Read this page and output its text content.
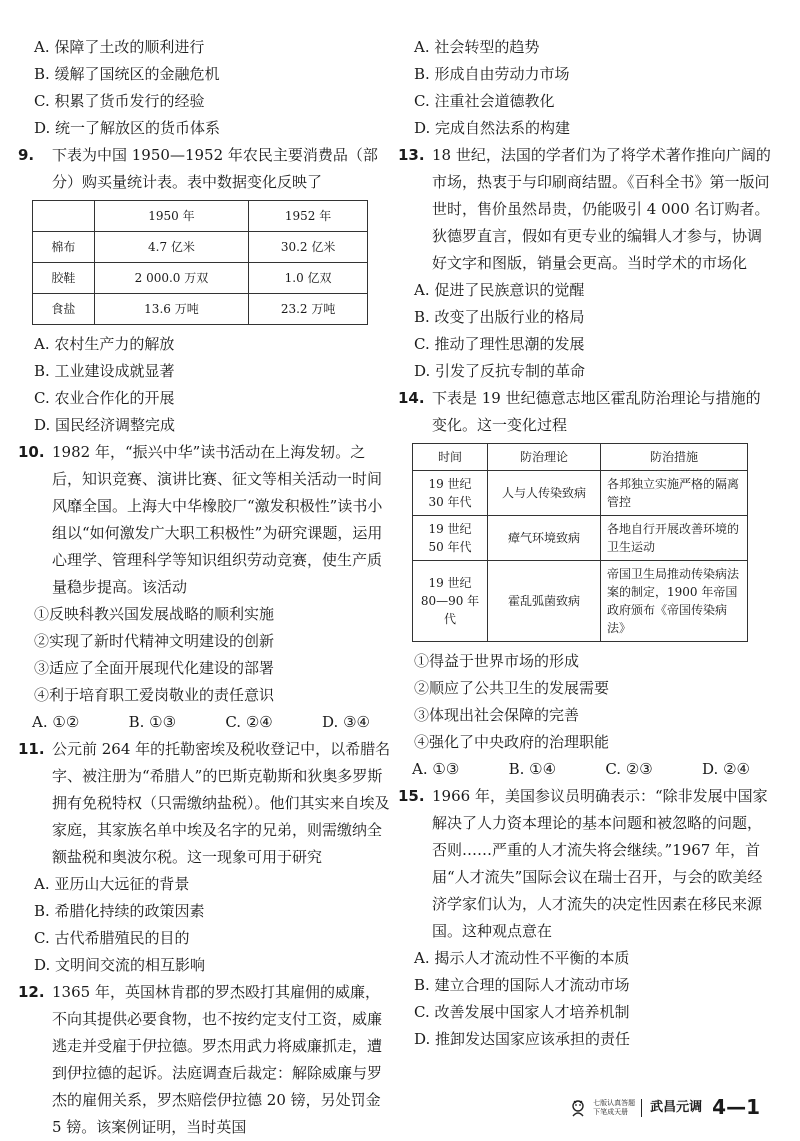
A. 保障了土改的顺利进行
B. 缓解了国统区的金融危机
C. 积累了货币发行的经验
D. 统一了解放区的货币体系
9. 下表为中国 1950—1952 年农民主要消费品（部分）购买量统计表。表中数据变化反映了
	1950 年	1952 年
棉布	4.7 亿米	30.2 亿米
胶鞋	2 000.0 万双	1.0 亿双
食盐	13.6 万吨	23.2 万吨
A. 农村生产力的解放
B. 工业建设成就显著
C. 农业合作化的开展
D. 国民经济调整完成
10. 1982 年，“振兴中华”读书活动在上海发轫。之后，知识竞赛、演讲比赛、征文等相关活动一时间风靡全国。上海大中华橡胶厂“激发积极性”读书小组以“如何激发广大职工积极性”为研究课题，运用心理学、管理科学等知识组织劳动竞赛，使生产质量稳步提高。该活动
①反映科教兴国发展战略的顺利实施
②实现了新时代精神文明建设的创新
③适应了全面开展现代化建设的部署
④利于培育职工爱岗敬业的责任意识
A. ①②	B. ①③	C. ②④	D. ③④
11. 公元前 264 年的托勒密埃及税收登记中，以希腊名字、被注册为“希腊人”的巴斯克勒斯和狄奥多罗斯拥有免税特权（只需缴纳盐税）。他们其实来自埃及家庭，其家族名单中埃及名字的兄弟，则需缴纳全额盐税和奥波尔税。这一现象可用于研究
A. 亚历山大远征的背景
B. 希腊化持续的政策因素
C. 古代希腊殖民的目的
D. 文明间交流的相互影响
12. 1365 年，英国林肯郡的罗杰殴打其雇佣的威廉，不向其提供必要食物，也不按约定支付工资，威廉逃走并受雇于伊拉德。罗杰用武力将威廉抓走，遭到伊拉德的起诉。法庭调查后裁定：解除威廉与罗杰的雇佣关系，罗杰赔偿伊拉德 20 镑，另处罚金 5 镑。该案例证明，当时英国
A. 社会转型的趋势
B. 形成自由劳动力市场
C. 注重社会道德教化
D. 完成自然法系的构建
13. 18 世纪，法国的学者们为了将学术著作推向广阔的市场，热衷于与印刷商结盟。《百科全书》第一版问世时，售价虽然昂贵，仍能吸引 4 000 名订购者。狄德罗直言，假如有更专业的编辑人才参与，协调好文字和图版，销量会更高。当时学术的市场化
A. 促进了民族意识的觉醒
B. 改变了出版行业的格局
C. 推动了理性思潮的发展
D. 引发了反抗专制的革命
14. 下表是 19 世纪德意志地区霍乱防治理论与措施的变化。这一变化过程
时间	防治理论	防治措施
19 世纪 30 年代	人与人传染致病	各邦独立实施严格的隔离管控
19 世纪 50 年代	瘴气环境致病	各地自行开展改善环境的卫生运动
19 世纪 80—90 年代	霍乱弧菌致病	帝国卫生局推动传染病法案的制定，1900 年帝国政府颁布《帝国传染病法》
①得益于世界市场的形成
②顺应了公共卫生的发展需要
③体现出社会保障的完善
④强化了中央政府的治理职能
A. ①③	B. ①④	C. ②③	D. ②④
15. 1966 年，美国参议员明确表示：“除非发展中国家解决了人力资本理论的基本问题和被忽略的问题，否则……严重的人才流失将会继续。”1967 年，首届“人才流失”国际会议在瑞士召开，与会的欧美经济学家们认为，人才流失的决定性因素在移民来源国。这种观点意在
A. 揭示人才流动性不平衡的本质
B. 建立合理的国际人才流动市场
C. 改善发展中国家人才培养机制
D. 推卸发达国家应该承担的责任
七版认真答题
下笔成天册	武昌元调 4—1
